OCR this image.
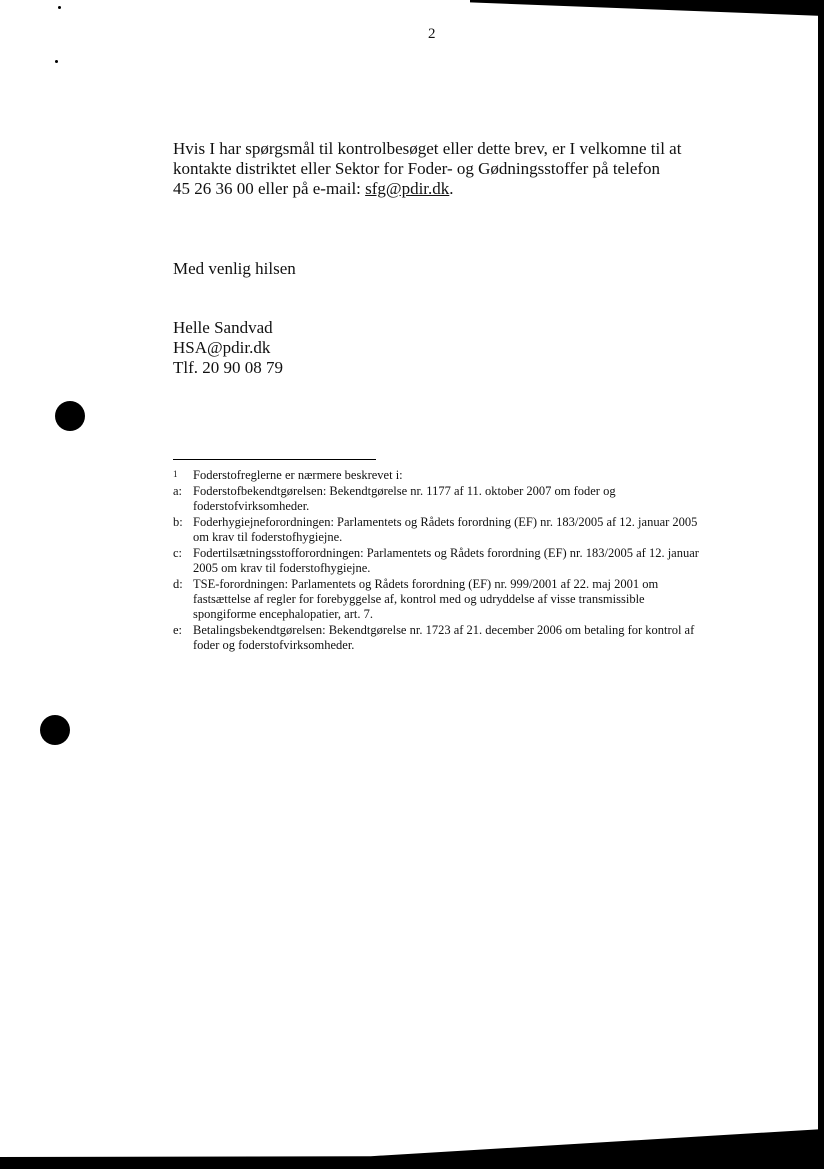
2

Hvis I har spørgsmål til kontrolbesøget eller dette brev, er I velkomne til at

kontakte distriktet eller Sektor for Foder- og Gødningsstoffer på telefon

45 26 36 00 eller på e-mail: sfg@pdir.dk.

Med venlig hilsen

Helle Sandvad

HSA@pdir.dk

Tlf. 20 90 08 79

1	Foderstofreglerne er nærmere beskrevet i:
a: Foderstofbekendtgørelsen: Bekendtgørelse nr. 1177 af 11. oktober 2007 om foder og foderstofvirksomheder.
b: Foderhygiejneforordningen: Parlamentets og Rådets forordning (EF) nr. 183/2005 af 12. januar 2005 om krav til foderstofhygiejne.
c: Fodertilsætningsstofforordningen: Parlamentets og Rådets forordning (EF) nr. 183/2005 af 12. januar 2005 om krav til foderstofhygiejne.
d: TSE-forordningen: Parlamentets og Rådets forordning (EF) nr. 999/2001 af 22. maj 2001 om fastsættelse af regler for forebyggelse af, kontrol med og udryddelse af visse transmissible spongiforme encephalopatier, art. 7.
e: Betalingsbekendtgørelsen: Bekendtgørelse nr. 1723 af 21. december 2006 om betaling for kontrol af foder og foderstofvirksomheder.
